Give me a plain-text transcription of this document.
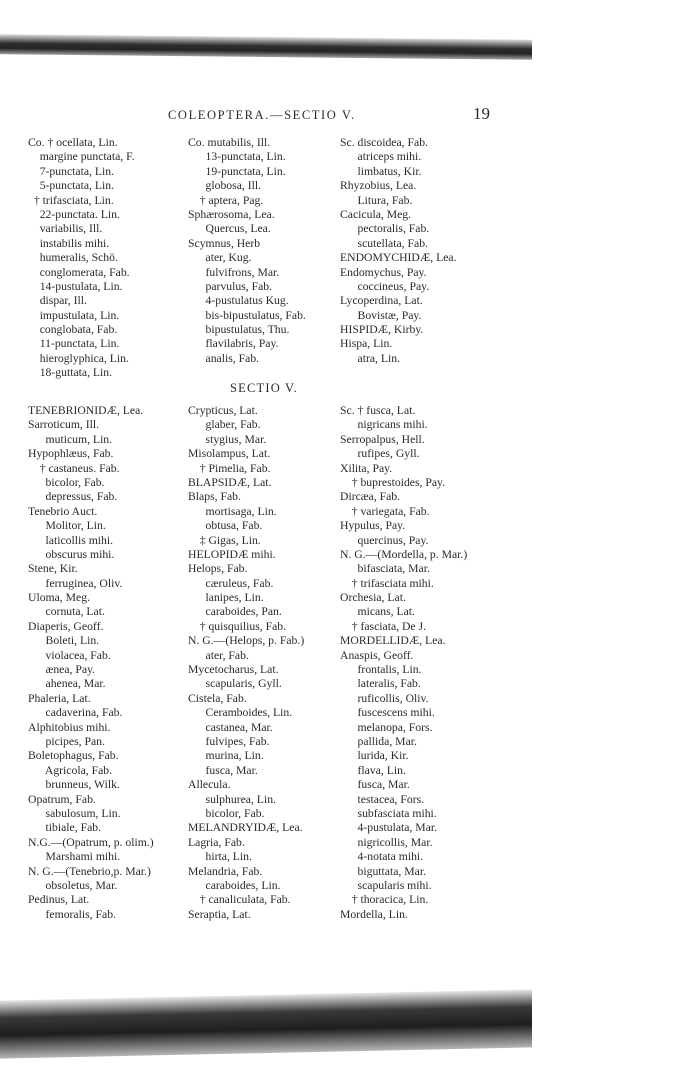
COLEOPTERA.—SECTIO V.	19
Co. † ocellata, Lin.
margine punctata, F.
7-punctata, Lin.
5-punctata, Lin.
† trifasciata, Lin.
22-punctata. Lin.
variabilis, Ill.
instabilis mihi.
humeralis, Schö.
conglomerata, Fab.
14-pustulata, Lin.
dispar, Ill.
impustulata, Lin.
conglobata, Fab.
11-punctata, Lin.
hieroglyphica, Lin.
18-guttata, Lin.
Co. mutabilis, Ill.
13-punctata, Lin.
19-punctata, Lin.
globosa, Ill.
† aptera, Pag.
Sphærosoma, Lea.
Quercus, Lea.
Scymnus, Herb
ater, Kug.
fulvifrons, Mar.
parvulus, Fab.
4-pustulatus Kug.
bis-bipustulatus, Fab.
bipustulatus, Thu.
flavilabris, Pay.
analis, Fab.
Sc. discoidea, Fab.
atriceps mihi.
limbatus, Kir.
Rhyzobius, Lea.
Litura, Fab.
Cacicula, Meg.
pectoralis, Fab.
scutellata, Fab.
ENDOMYCHIDÆ, Lea.
Endomychus, Pay.
coccineus, Pay.
Lycoperdina, Lat.
Bovistæ, Pay.
HISPIDÆ, Kirby.
Hispa, Lin.
atra, Lin.
SECTIO V.
TENEBRIONIDÆ, Lea.
Sarroticum, Ill.
muticum, Lin.
Hypophlæus, Fab.
† castaneus. Fab.
bicolor, Fab.
depressus, Fab.
Tenebrio Auct.
Molitor, Lin.
laticollis mihi.
obscurus mihi.
Stene, Kir.
ferruginea, Oliv.
Uloma, Meg.
cornuta, Lat.
Diaperis, Geoff.
Boleti, Lin.
violacea, Fab.
ænea, Pay.
ahenea, Mar.
Phaleria, Lat.
cadaverina, Fab.
Alphitobius mihi.
picipes, Pan.
Boletophagus, Fab.
Agricola, Fab.
brunneus, Wilk.
Opatrum, Fab.
sabulosum, Lin.
tibiale, Fab.
N.G.—(Opatrum, p. olim.)
Marshami mihi.
N. G.—(Tenebrio,p. Mar.)
obsoletus, Mar.
Pedinus, Lat.
femoralis, Fab.
Crypticus, Lat.
glaber, Fab.
stygius, Mar.
Misolampus, Lat.
† Pimelia, Fab.
BLAPSIDÆ, Lat.
Blaps, Fab.
mortisaga, Lin.
obtusa, Fab.
‡ Gigas, Lin.
HELOPIDÆ mihi.
Helops, Fab.
cæruleus, Fab.
lanipes, Lin.
caraboides, Pan.
† quisquilius, Fab.
N. G.—(Helops, p. Fab.)
ater, Fab.
Mycetocharus, Lat.
scapularis, Gyll.
Cistela, Fab.
Ceramboides, Lin.
castanea, Mar.
fulvipes, Fab.
murina, Lin.
fusca, Mar.
Allecula.
sulphurea, Lin.
bicolor, Fab.
MELANDRYIDÆ, Lea.
Lagria, Fab.
hirta, Lin.
Melandria, Fab.
caraboides, Lin.
† canaliculata, Fab.
Seraptia, Lat.
Sc. † fusca, Lat.
nigricans mihi.
Serropalpus, Hell.
rufipes, Gyll.
Xilita, Pay.
† buprestoides, Pay.
Dircæa, Fab.
† variegata, Fab.
Hypulus, Pay.
quercinus, Pay.
N. G.—(Mordella, p. Mar.)
bifasciata, Mar.
† trifasciata mihi.
Orchesia, Lat.
micans, Lat.
† fasciata, De J.
MORDELLIDÆ, Lea.
Anaspis, Geoff.
frontalis, Lin.
lateralis, Fab.
ruficollis, Oliv.
fuscescens mihi.
melanopa, Fors.
pallida, Mar.
lurida, Kir.
flava, Lin.
fusca, Mar.
testacea, Fors.
subfasciata mihi.
4-pustulata, Mar.
nigricollis, Mar.
4-notata mihi.
biguttata, Mar.
scapularis mihi.
† thoracica, Lin.
Mordella, Lin.
